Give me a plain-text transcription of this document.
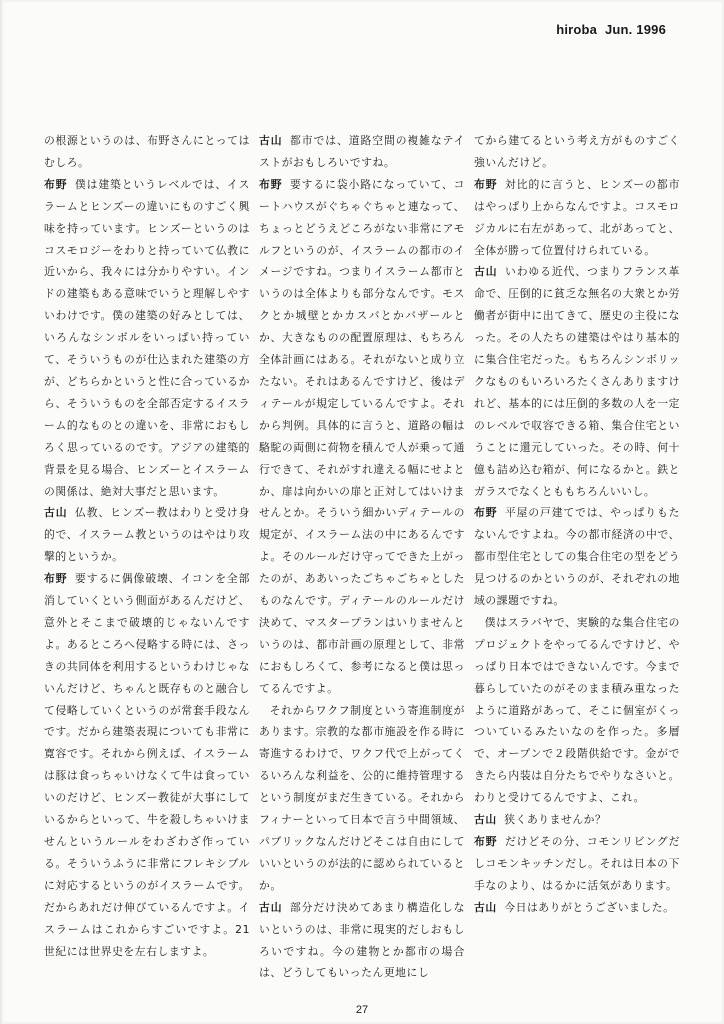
hiroba Jun. 1996

の根源というのは、布野さんにとってはむしろ。

布野 僕は建築というレベルでは、イスラームとヒンズーの違いにものすごく興味を持っています。ヒンズーというのはコスモロジーをわりと持っていて仏教に近いから、我々には分かりやすい。インドの建築もある意味でいうと理解しやすいわけです。僕の建築の好みとしては、いろんなシンボルをいっぱい持っていて、そういうものが仕込まれた建築の方が、どちらかというと性に合っているから、そういうものを全部否定するイスラーム的なものとの違いを、非常におもしろく思っているのです。アジアの建築的背景を見る場合、ヒンズーとイスラームの関係は、絶対大事だと思います。

古山 仏教、ヒンズー教はわりと受け身的で、イスラーム教というのはやはり攻撃的というか。

布野 要するに偶像破壊、イコンを全部消していくという側面があるんだけど、意外とそこまで破壊的じゃないんですよ。あるところへ侵略する時には、さっきの共同体を利用するというわけじゃないんだけど、ちゃんと既存ものと融合して侵略していくというのが常套手段なんです。だから建築表現についても非常に寛容です。それから例えば、イスラームは豚は食っちゃいけなくて牛は食っていいのだけど、ヒンズー教徒が大事にしているからといって、牛を殺しちゃいけませんというルールをわざわざ作っている。そういうふうに非常にフレキシブルに対応するというのがイスラームです。だからあれだけ伸びているんですよ。イスラームはこれからすごいですよ。21世紀には世界史を左右しますよ。

古山 都市では、道路空間の複雑なテイストがおもしろいですね。

布野 要するに袋小路になっていて、コートハウスがぐちゃぐちゃと連なって、ちょっとどうえどころがない非常にアモルフというのが、イスラームの都市のイメージですね。つまりイスラーム都市というのは全体よりも部分なんです。モスクとか城壁とかカスバとかバザールとか、大きなものの配置原理は、もちろん全体計画にはある。それがないと成り立たない。それはあるんですけど、後はディテールが規定しているんですよ。それから判例。具体的に言うと、道路の幅は駱駝の両側に荷物を積んで人が乗って通行できて、それがすれ違える幅にせよとか、扉は向かいの扉と正対してはいけませんとか。そういう細かいディテールの規定が、イスラーム法の中にあるんですよ。そのルールだけ守ってできた上がったのが、ああいったごちゃごちゃとしたものなんです。ディテールのルールだけ決めて、マスタープランはいりませんというのは、都市計画の原理として、非常におもしろくて、参考になると僕は思ってるんですよ。

それからワクフ制度という寄進制度があります。宗教的な都市施設を作る時に寄進するわけで、ワクフ代で上がってくるいろんな利益を、公的に維持管理するという制度がまだ生きている。それからフィナーといって日本で言う中間領域、パブリックなんだけどそこは自由にしていいというのが法的に認められているとか。

古山 部分だけ決めてあまり構造化しないというのは、非常に現実的だしおもしろいですね。今の建物とか都市の場合は、どうしてもいったん更地にし

てから建てるという考え方がものすごく強いんだけど。

布野 対比的に言うと、ヒンズーの都市はやっぱり上からなんですよ。コスモロジカルに右左があって、北があってと、全体が勝って位置付けられている。

古山 いわゆる近代、つまりフランス革命で、圧倒的に貧乏な無名の大衆とか労働者が街中に出てきて、歴史の主役になった。その人たちの建築はやはり基本的に集合住宅だった。もちろんシンボリックなものもいろいろたくさんありますけれど、基本的には圧倒的多数の人を一定のレベルで収容できる箱、集合住宅ということに還元していった。その時、何十億も詰め込む箱が、何になるかと。鉄とガラスでなくとももちろんいいし。

布野 平屋の戸建てでは、やっぱりもたないんですよね。今の都市経済の中で、都市型住宅としての集合住宅の型をどう見つけるのかというのが、それぞれの地域の課題ですね。

僕はスラバヤで、実験的な集合住宅のプロジェクトをやってるんですけど、やっぱり日本ではできないんです。今まで暮らしていたのがそのまま積み重なったように道路があって、そこに個室がくっついているみたいなのを作った。多層で、オープンで２段階供給です。金ができたら内装は自分たちでやりなさいと。わりと受けてるんですよ、これ。

古山 狭くありませんか？

布野 だけどその分、コモンリビングだしコモンキッチンだし。それは日本の下手なのより、はるかに活気があります。

古山 今日はありがとうございました。

27
